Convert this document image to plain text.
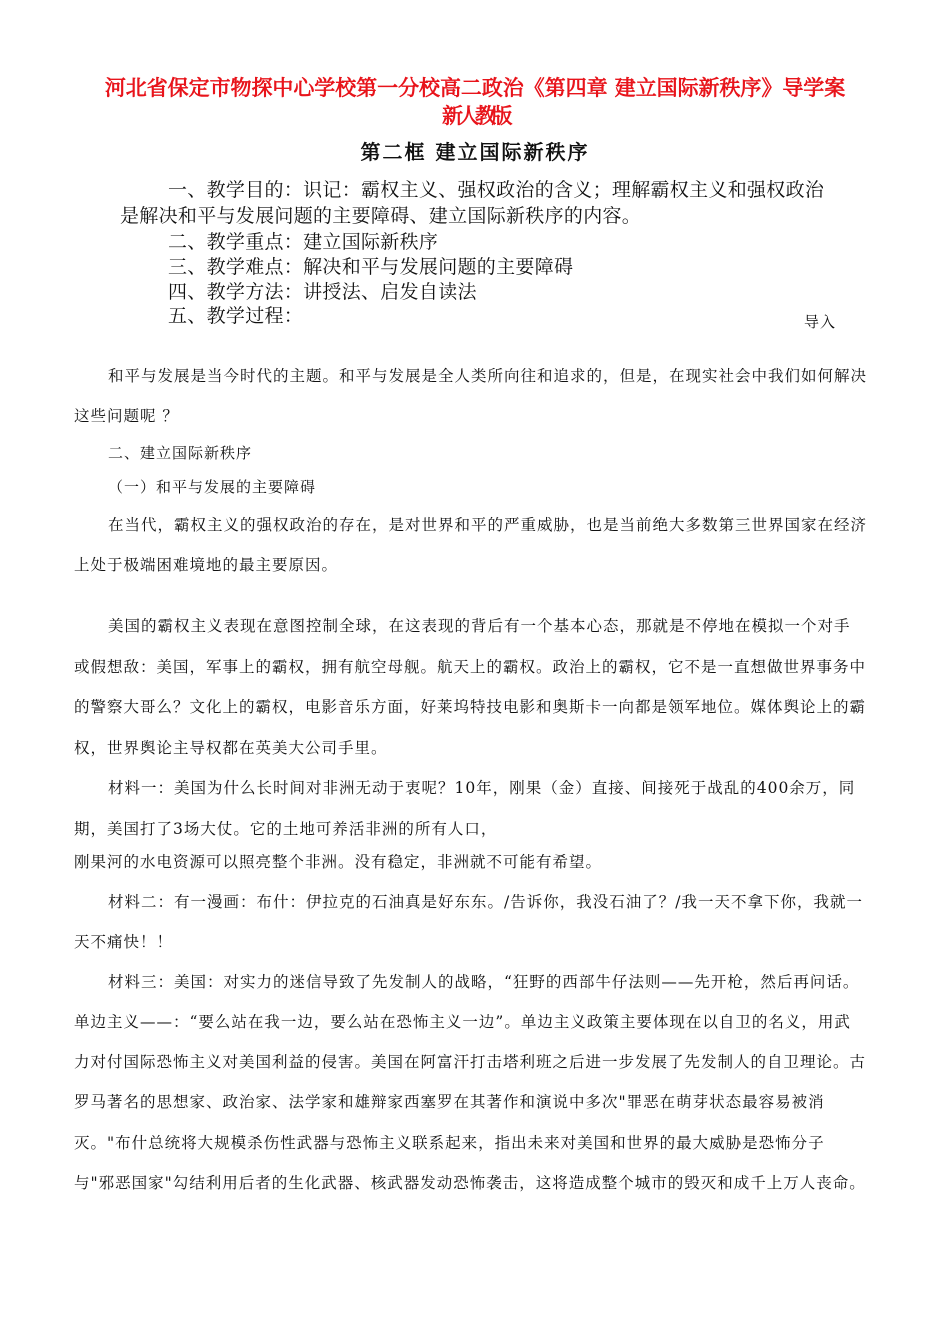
河北省保定市物探中心学校第一分校高二政治《第四章 建立国际新秩序》导学案
新人教版
第二框 建立国际新秩序
一、教学目的：识记：霸权主义、强权政治的含义；理解霸权主义和强权政治
是解决和平与发展问题的主要障碍、建立国际新秩序的内容。
二、教学重点：建立国际新秩序
三、教学难点：解决和平与发展问题的主要障碍
四、教学方法：讲授法、启发自读法
五、教学过程：	导入
和平与发展是当今时代的主题。和平与发展是全人类所向往和追求的，但是，在现实社会中我们如何解决
这些问题呢 ？
二、建立国际新秩序
（一）和平与发展的主要障碍
在当代，霸权主义的强权政治的存在，是对世界和平的严重威胁，也是当前绝大多数第三世界国家在经济
上处于极端困难境地的最主要原因。
美国的霸权主义表现在意图控制全球，在这表现的背后有一个基本心态，那就是不停地在模拟一个对手
或假想敌：美国，军事上的霸权，拥有航空母舰。航天上的霸权。政治上的霸权，它不是一直想做世界事务中
的警察大哥么？文化上的霸权，电影音乐方面，好莱坞特技电影和奥斯卡一向都是领军地位。媒体舆论上的霸
权，世界舆论主导权都在英美大公司手里。
材料一：美国为什么长时间对非洲无动于衷呢？10年，刚果（金）直接、间接死于战乱的400余万，同
期，美国打了3场大仗。它的土地可养活非洲的所有人口，
刚果河的水电资源可以照亮整个非洲。没有稳定，非洲就不可能有希望。
材料二：有一漫画：布什：伊拉克的石油真是好东东。/告诉你，我没石油了？/我一天不拿下你，我就一
天不痛快！！
材料三：美国：对实力的迷信导致了先发制人的战略，“狂野的西部牛仔法则——先开枪，然后再问话。
单边主义——：“要么站在我一边，要么站在恐怖主义一边”。单边主义政策主要体现在以自卫的名义，用武
力对付国际恐怖主义对美国利益的侵害。美国在阿富汗打击塔利班之后进一步发展了先发制人的自卫理论。古
罗马著名的思想家、政治家、法学家和雄辩家西塞罗在其著作和演说中多次"罪恶在萌芽状态最容易被消
灭。"布什总统将大规模杀伤性武器与恐怖主义联系起来，指出未来对美国和世界的最大威胁是恐怖分子
与"邪恶国家"勾结利用后者的生化武器、核武器发动恐怖袭击，这将造成整个城市的毁灭和成千上万人丧命。
